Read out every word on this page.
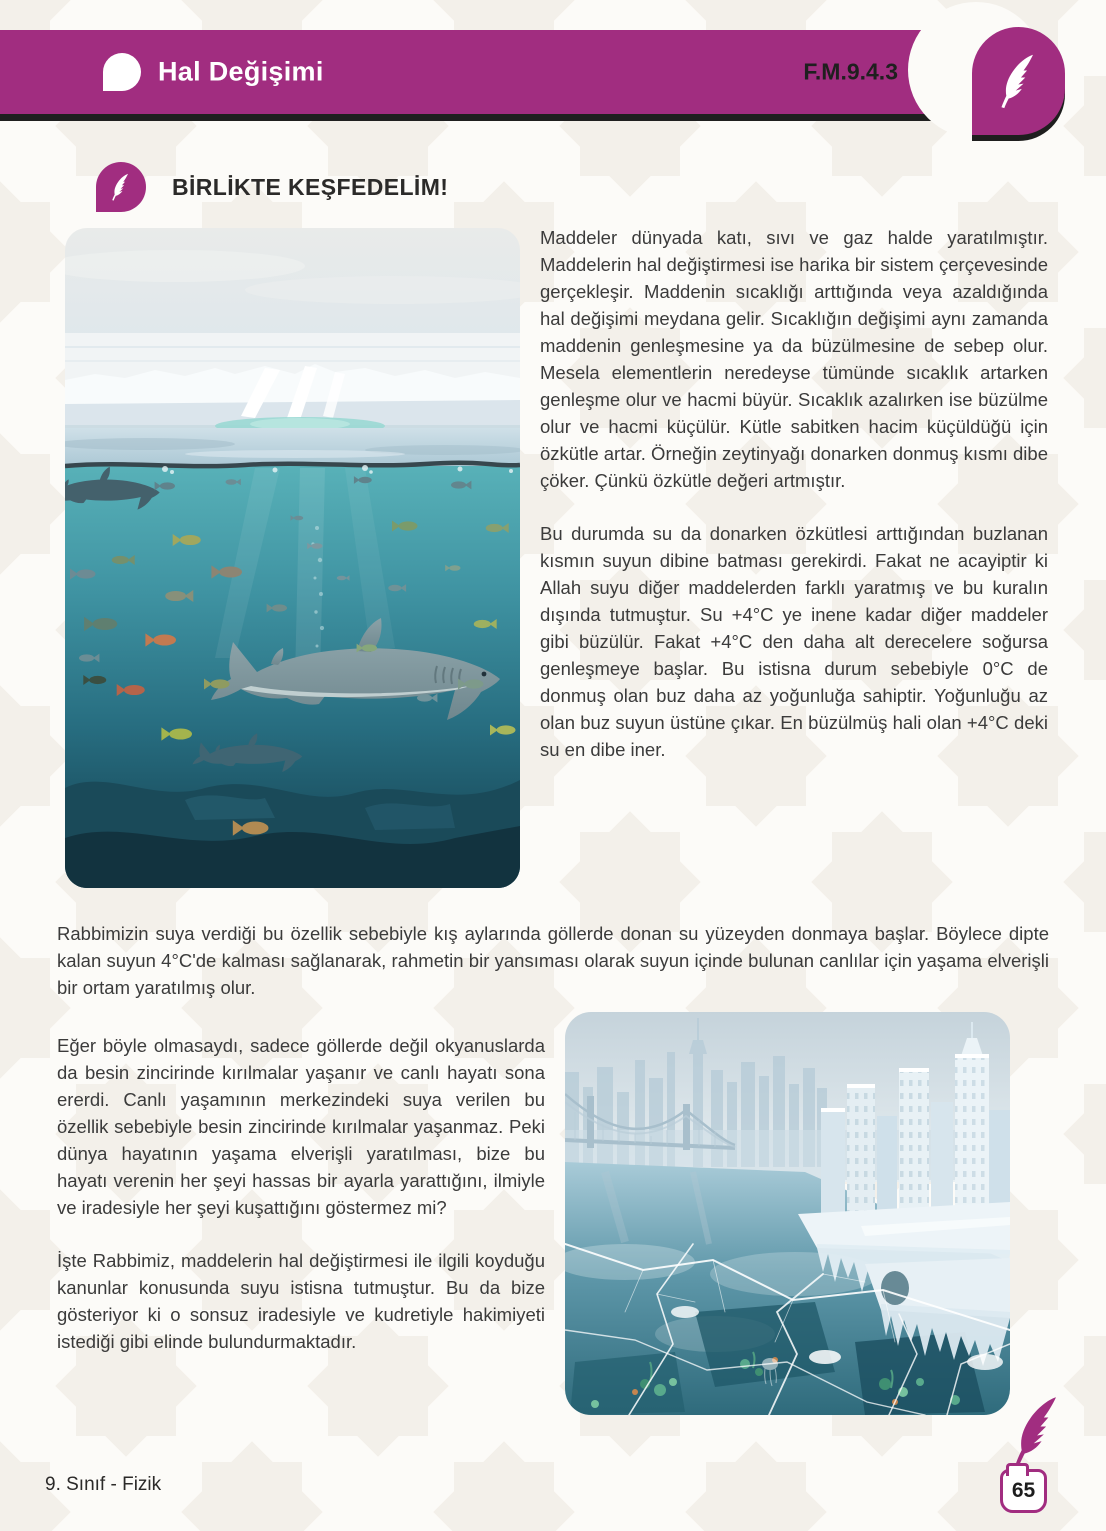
Hal Değişimi	F.M.9.4.3
BİRLİKTE KEŞFEDELİM!

Maddeler dünyada katı, sıvı ve gaz halde yaratılmıştır. Maddelerin hal değiştirmesi ise harika bir sistem çerçevesinde gerçekleşir. Maddenin sıcaklığı arttığında veya azaldığında hal değişimi meydana gelir. Sıcaklığın değişimi aynı zamanda maddenin genleşmesine ya da büzülmesine de sebep olur. Mesela elementlerin neredeyse tümünde sıcaklık artarken genleşme olur ve hacmi büyür. Sıcaklık azalırken ise büzülme olur ve hacmi küçülür. Kütle sabitken hacim küçüldüğü için özkütle artar. Örneğin zeytinyağı donarken donmuş kısmı dibe çöker. Çünkü özkütle değeri artmıştır.

Bu durumda su da donarken özkütlesi arttığından buzlanan kısmın suyun dibine batması gerekirdi. Fakat ne acayiptir ki Allah suyu diğer maddelerden farklı yaratmış ve bu kuralın dışında tutmuştur. Su +4°C ye inene kadar diğer maddeler gibi büzülür. Fakat +4°C den daha alt derecelere soğursa genleşmeye başlar. Bu istisna durum sebebiyle 0°C de donmuş olan buz daha az yoğunluğa sahiptir. Yoğunluğu az olan buz suyun üstüne çıkar. En büzülmüş hali olan +4°C deki su en dibe iner.

Rabbimizin suya verdiği bu özellik sebebiyle kış aylarında göllerde donan su yüzeyden donmaya başlar. Böylece dipte kalan suyun 4°C'de kalması sağlanarak, rahmetin bir yansıması olarak suyun içinde bulunan canlılar için yaşama elverişli bir ortam yaratılmış olur.

Eğer böyle olmasaydı, sadece göllerde değil okyanuslarda da besin zincirinde kırılmalar yaşanır ve canlı hayatı sona ererdi. Canlı yaşamının merkezindeki suya verilen bu özellik sebebiyle besin zincirinde kırılmalar yaşanmaz. Peki dünya hayatının yaşama elverişli yaratılması, bize bu hayatı verenin her şeyi hassas bir ayarla yarattığını, ilmiyle ve iradesiyle her şeyi kuşattığını göstermez mi?

İşte Rabbimiz, maddelerin hal değiştirmesi ile ilgili koyduğu kanunlar konusunda suyu istisna tutmuştur. Bu da bize gösteriyor ki o sonsuz iradesiyle ve kudretiyle hakimiyeti istediği gibi elinde bulundurmaktadır.

9. Sınıf - Fizik	65
